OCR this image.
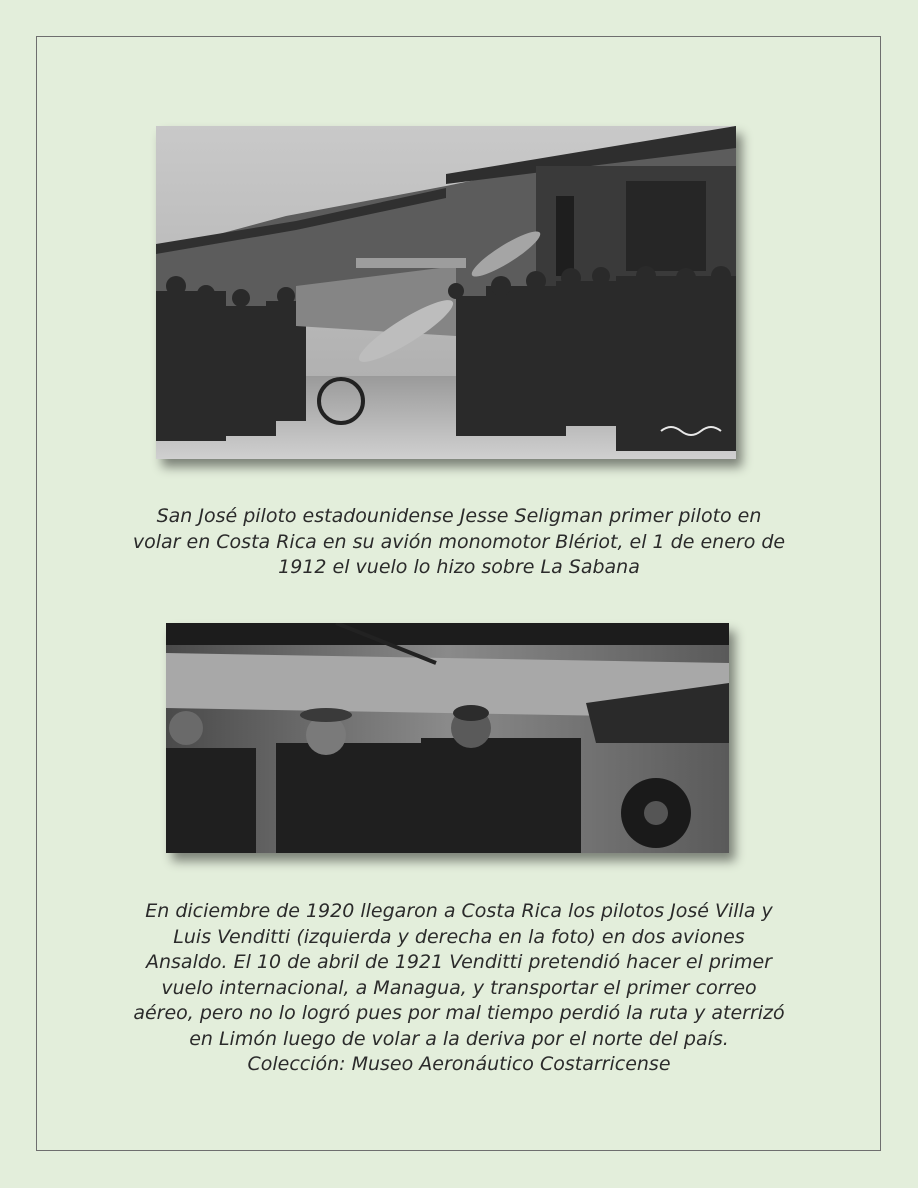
San José piloto estadounidense Jesse Seligman primer piloto en
volar en Costa Rica en su avión monomotor Blériot, el 1 de enero de
1912 el vuelo lo hizo sobre La Sabana

En diciembre de 1920 llegaron a Costa Rica los pilotos José Villa y
Luis Venditti (izquierda y derecha en la foto) en dos aviones
Ansaldo. El 10 de abril de 1921 Venditti pretendió hacer el primer
vuelo internacional, a Managua, y transportar el primer correo
aéreo, pero no lo logró pues por mal tiempo perdió la ruta y aterrizó
en Limón luego de volar a la deriva por el norte del país.
Colección: Museo Aeronáutico Costarricense
